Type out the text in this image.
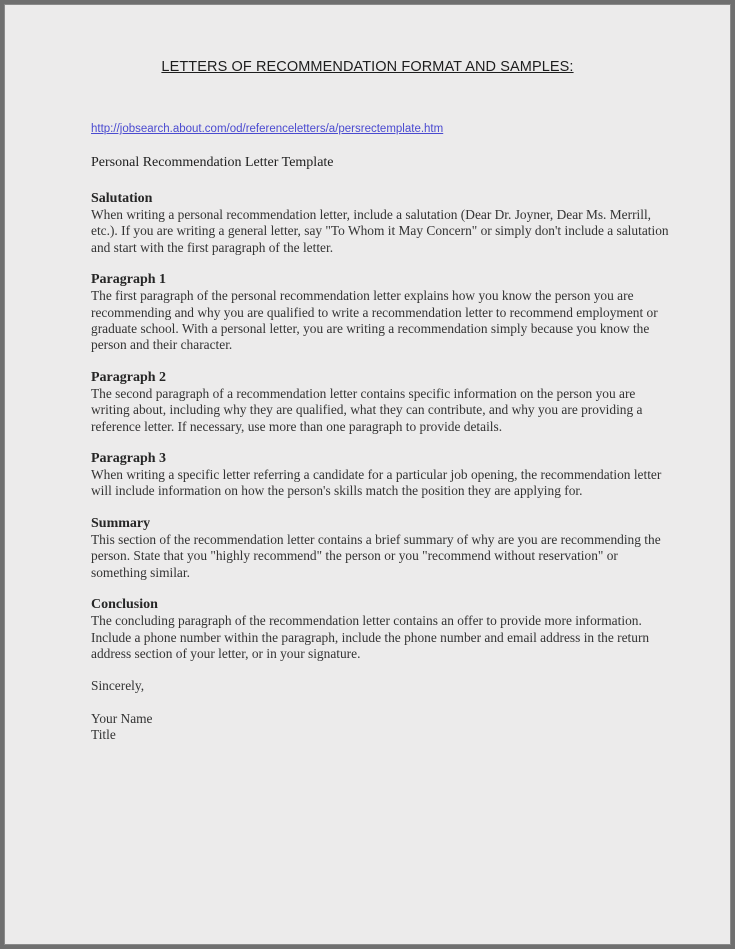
LETTERS OF RECOMMENDATION FORMAT AND SAMPLES:
http://jobsearch.about.com/od/referenceletters/a/persrectemplate.htm

Personal Recommendation Letter Template

Salutation

When writing a personal recommendation letter, include a salutation (Dear Dr. Joyner, Dear Ms. Merrill, etc.). If you are writing a general letter, say "To Whom it May Concern" or simply don't include a salutation and start with the first paragraph of the letter.

Paragraph 1

The first paragraph of the personal recommendation letter explains how you know the person you are recommending and why you are qualified to write a recommendation letter to recommend employment or graduate school. With a personal letter, you are writing a recommendation simply because you know the person and their character.

Paragraph 2

The second paragraph of a recommendation letter contains specific information on the person you are writing about, including why they are qualified, what they can contribute, and why you are providing a reference letter. If necessary, use more than one paragraph to provide details.

Paragraph 3

When writing a specific letter referring a candidate for a particular job opening, the recommendation letter will include information on how the person's skills match the position they are applying for.

Summary

This section of the recommendation letter contains a brief summary of why are you are recommending the person. State that you "highly recommend" the person or you "recommend without reservation" or something similar.

Conclusion

The concluding paragraph of the recommendation letter contains an offer to provide more information. Include a phone number within the paragraph, include the phone number and email address in the return address section of your letter, or in your signature.

Sincerely,

Your Name

Title
